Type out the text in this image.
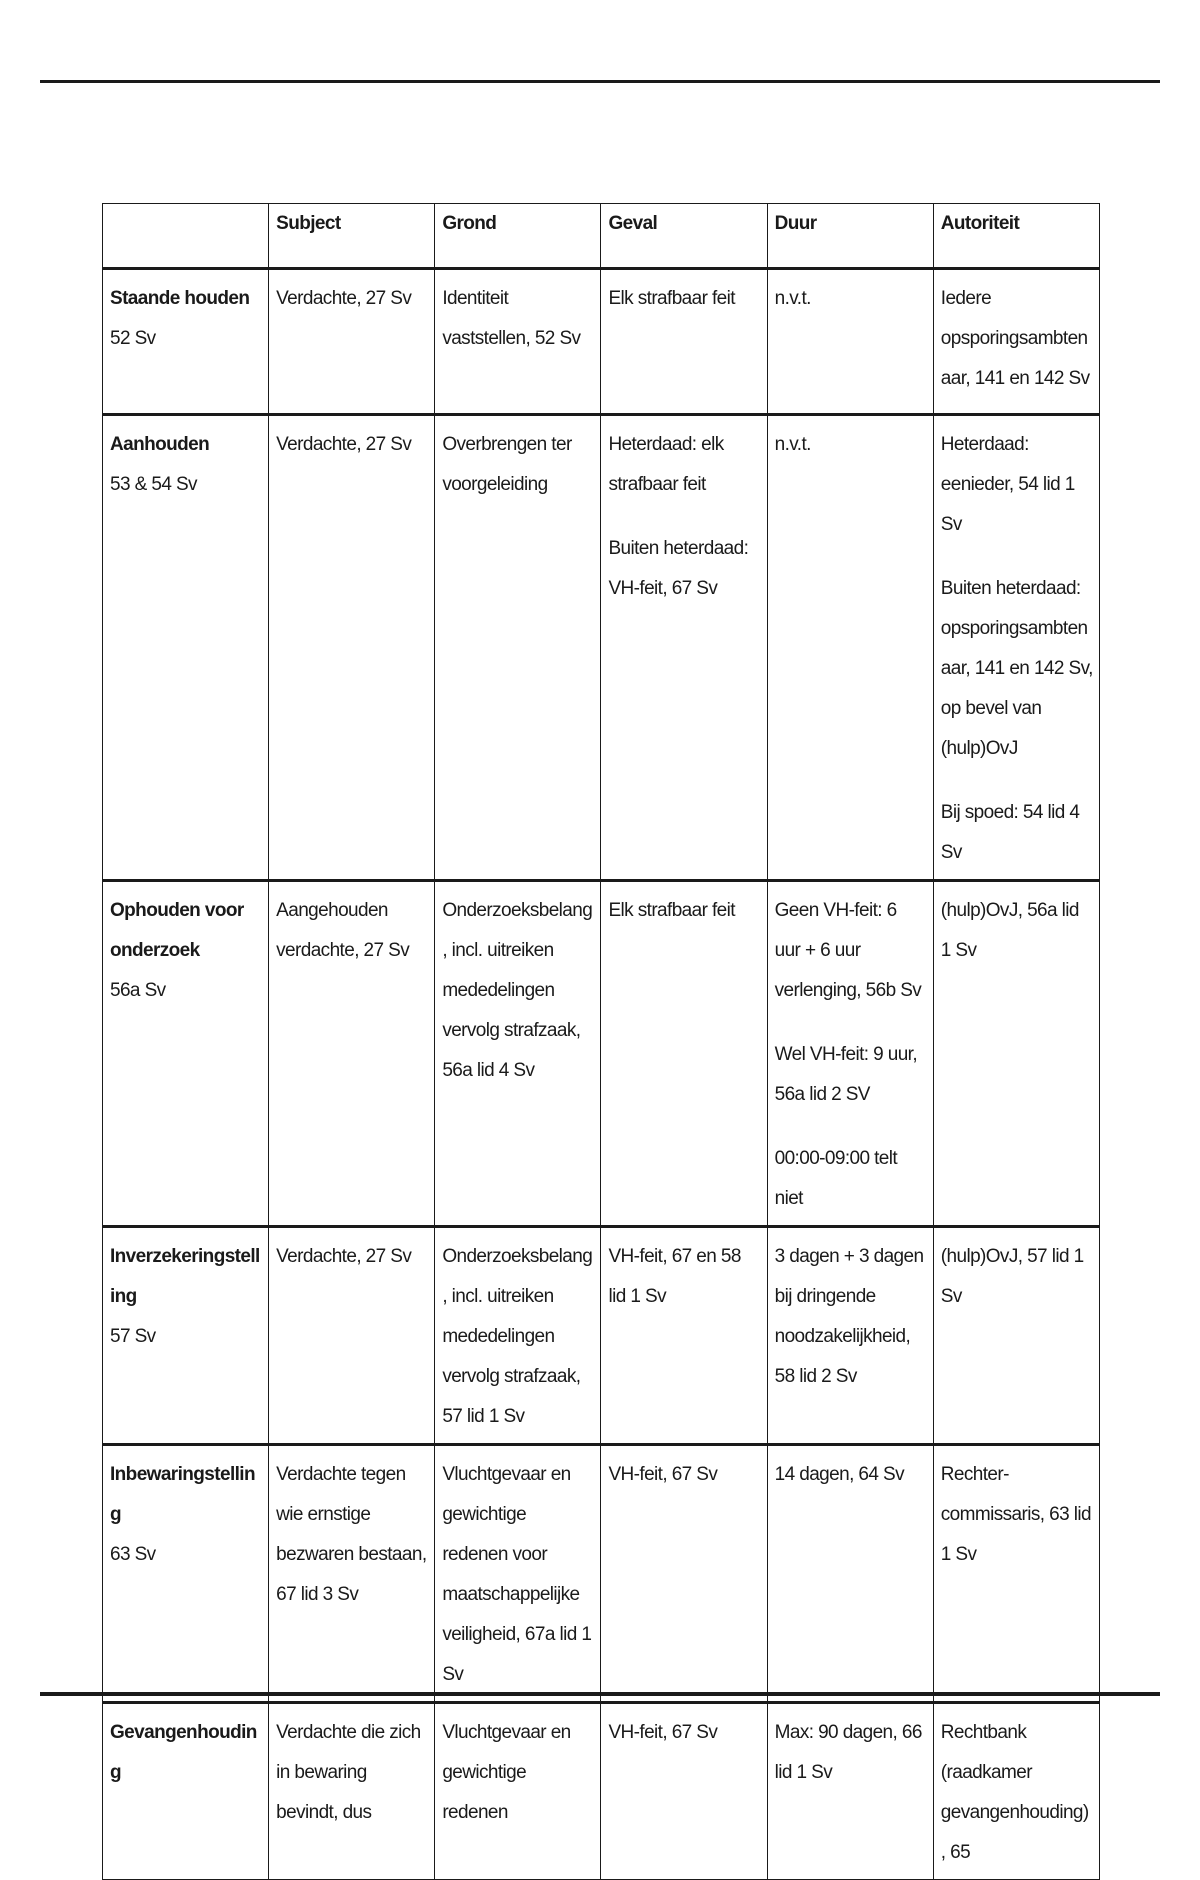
	Subject	Grond	Geval	Duur	Autoriteit

Staande houden
52 Sv	Verdachte, 27 Sv	Identiteit vaststellen, 52 Sv	Elk strafbaar feit	n.v.t.	Iedere opsporingsambtenaar, 141 en 142 Sv

Aanhouden
53 & 54 Sv	Verdachte, 27 Sv	Overbrengen ter voorgeleiding	Heterdaad: elk strafbaar feit
Buiten heterdaad: VH-feit, 67 Sv	n.v.t.	Heterdaad: eenieder, 54 lid 1 Sv
Buiten heterdaad: opsporingsambtenaar, 141 en 142 Sv, op bevel van (hulp)OvJ
Bij spoed: 54 lid 4 Sv

Ophouden voor onderzoek
56a Sv	Aangehouden verdachte, 27 Sv	Onderzoeksbelang, incl. uitreiken mededelingen vervolg strafzaak, 56a lid 4 Sv	Elk strafbaar feit	Geen VH-feit: 6 uur + 6 uur verlenging, 56b Sv
Wel VH-feit: 9 uur, 56a lid 2 SV
00:00-09:00 telt niet	(hulp)OvJ, 56a lid 1 Sv

Inverzekeringstelling
57 Sv	Verdachte, 27 Sv	Onderzoeksbelang, incl. uitreiken mededelingen vervolg strafzaak, 57 lid 1 Sv	VH-feit, 67 en 58 lid 1 Sv	3 dagen + 3 dagen bij dringende noodzakelijkheid, 58 lid 2 Sv	(hulp)OvJ, 57 lid 1 Sv

Inbewaringstelling
63 Sv	Verdachte tegen wie ernstige bezwaren bestaan, 67 lid 3 Sv	Vluchtgevaar en gewichtige redenen voor maatschappelijke veiligheid, 67a lid 1 Sv	VH-feit, 67 Sv	14 dagen, 64 Sv	Rechter-commissaris, 63 lid 1 Sv

Gevangenhouding	Verdachte die zich in bewaring bevindt, dus	Vluchtgevaar en gewichtige redenen	VH-feit, 67 Sv	Max: 90 dagen, 66 lid 1 Sv	Rechtbank (raadkamer gevangenhouding), 65
